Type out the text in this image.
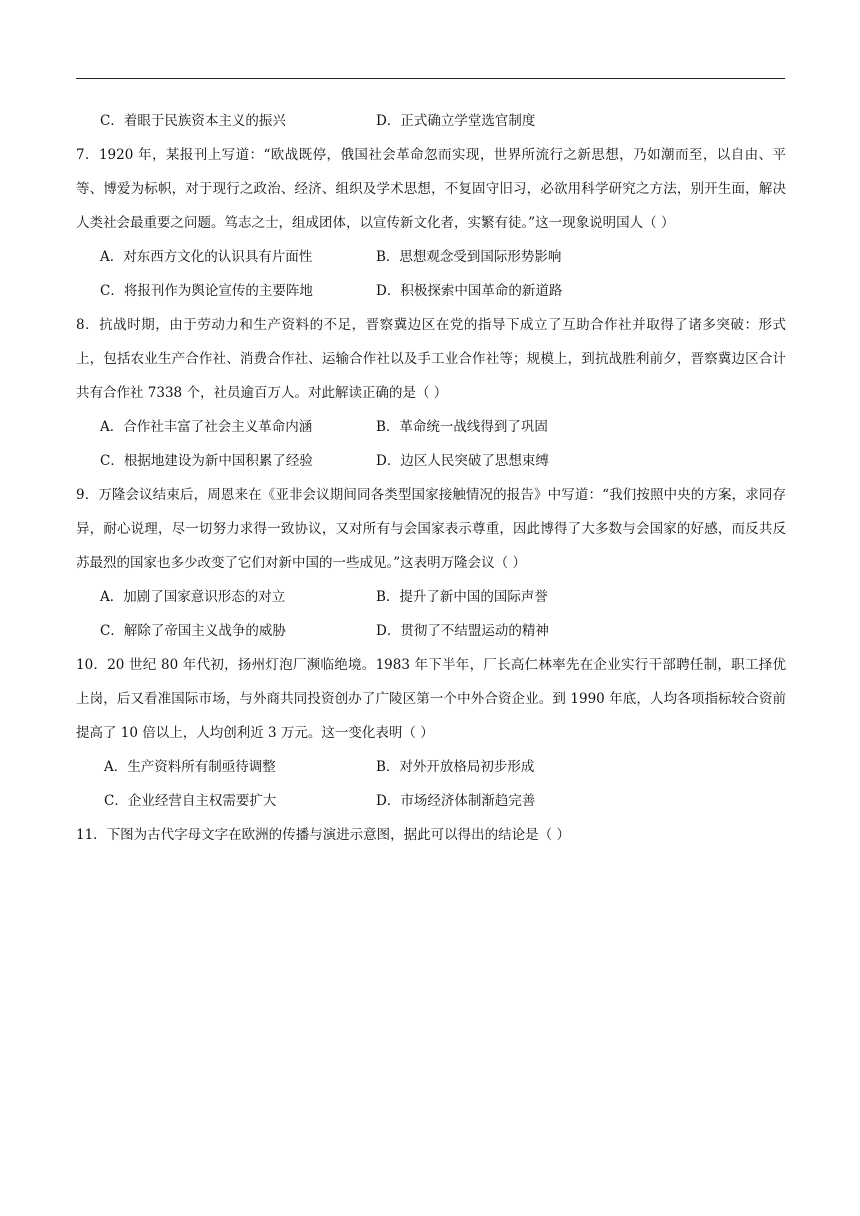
C．着眼于民族资本主义的振兴	D．正式确立学堂选官制度

7．1920 年，某报刊上写道：“欧战既停，俄国社会革命忽而实现，世界所流行之新思想，乃如潮而至，以自由、平等、博爱为标帜，对于现行之政治、经济、组织及学术思想，不复固守旧习，必欲用科学研究之方法，别开生面，解决人类社会最重要之问题。笃志之士，组成团体，以宣传新文化者，实繁有徒。”这一现象说明国人（ ）

A．对东西方文化的认识具有片面性	B．思想观念受到国际形势影响
C．将报刊作为舆论宣传的主要阵地	D．积极探索中国革命的新道路

8．抗战时期，由于劳动力和生产资料的不足，晋察冀边区在党的指导下成立了互助合作社并取得了诸多突破：形式上，包括农业生产合作社、消费合作社、运输合作社以及手工业合作社等；规模上，到抗战胜利前夕，晋察冀边区合计共有合作社 7338 个，社员逾百万人。对此解读正确的是（ ）

A．合作社丰富了社会主义革命内涵	B．革命统一战线得到了巩固
C．根据地建设为新中国积累了经验	D．边区人民突破了思想束缚

9．万隆会议结束后，周恩来在《亚非会议期间同各类型国家接触情况的报告》中写道：“我们按照中央的方案，求同存异，耐心说理，尽一切努力求得一致协议，又对所有与会国家表示尊重，因此博得了大多数与会国家的好感，而反共反苏最烈的国家也多少改变了它们对新中国的一些成见。”这表明万隆会议（ ）

A．加剧了国家意识形态的对立	B．提升了新中国的国际声誉
C．解除了帝国主义战争的威胁	D．贯彻了不结盟运动的精神

10．20 世纪 80 年代初，扬州灯泡厂濒临绝境。1983 年下半年，厂长高仁林率先在企业实行干部聘任制，职工择优上岗，后又看准国际市场，与外商共同投资创办了广陵区第一个中外合资企业。到 1990 年底，人均各项指标较合资前提高了 10 倍以上，人均创利近 3 万元。这一变化表明（ ）

A．生产资料所有制亟待调整	B．对外开放格局初步形成
C．企业经营自主权需要扩大	D．市场经济体制渐趋完善

11．下图为古代字母文字在欧洲的传播与演进示意图，据此可以得出的结论是（ ）
